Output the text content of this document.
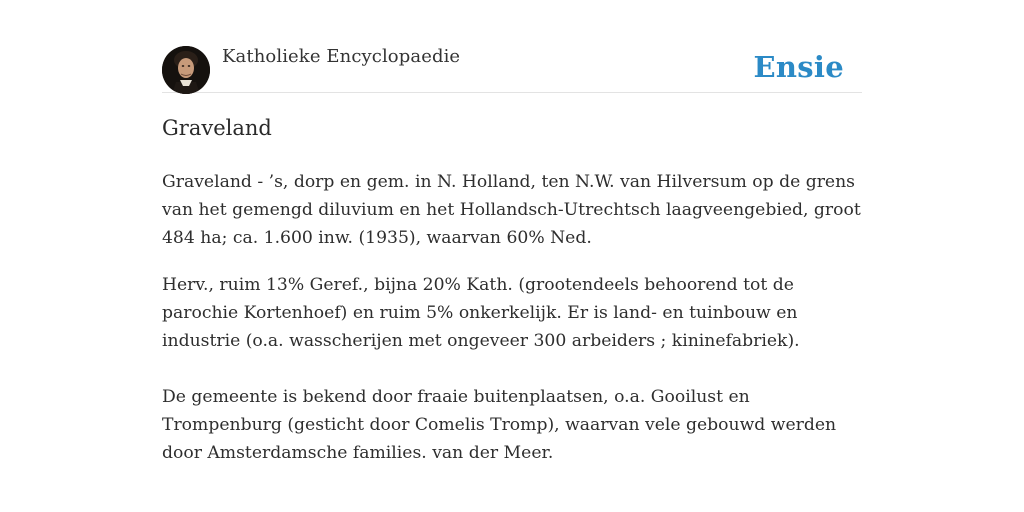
Katholieke Encyclopaedie	Ensie
Graveland

Graveland - ’s, dorp en gem. in N. Holland, ten N.W. van Hilversum op de grens van het gemengd diluvium en het Hollandsch-Utrechtsch laagveengebied, groot 484 ha; ca. 1.600 inw. (1935), waarvan 60% Ned.

Herv., ruim 13% Geref., bijna 20% Kath. (grootendeels behoorend tot de parochie Kortenhoef) en ruim 5% onkerkelijk. Er is land- en tuinbouw en industrie (o.a. wasscherijen met ongeveer 300 arbeiders ; kininefabriek).

De gemeente is bekend door fraaie buitenplaatsen, o.a. Gooilust en Trompenburg (gesticht door Comelis Tromp), waarvan vele gebouwd werden door Amsterdamsche families. van der Meer.
